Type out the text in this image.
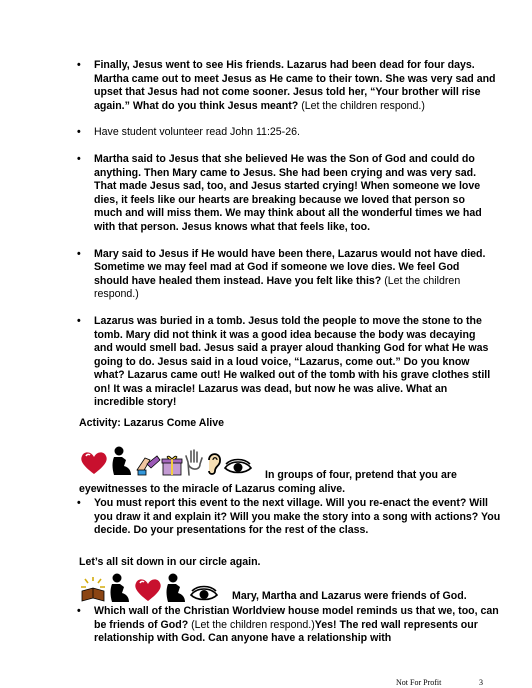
• Finally, Jesus went to see His friends. Lazarus had been dead for four days. Martha came out to meet Jesus as He came to their town. She was very sad and upset that Jesus had not come sooner. Jesus told her, “Your brother will rise again.” What do you think Jesus meant? (Let the children respond.)
• Have student volunteer read John 11:25-26.
• Martha said to Jesus that she believed He was the Son of God and could do anything. Then Mary came to Jesus. She had been crying and was very sad. That made Jesus sad, too, and Jesus started crying! When someone we love dies, it feels like our hearts are breaking because we loved that person so much and will miss them. We may think about all the wonderful times we had with that person. Jesus knows what that feels like, too.
• Mary said to Jesus if He would have been there, Lazarus would not have died. Sometime we may feel mad at God if someone we love dies. We feel God should have healed them instead. Have you felt like this? (Let the children respond.)
• Lazarus was buried in a tomb. Jesus told the people to move the stone to the tomb. Mary did not think it was a good idea because the body was decaying and would smell bad. Jesus said a prayer aloud thanking God for what He was going to do. Jesus said in a loud voice, “Lazarus, come out.” Do you know what? Lazarus came out! He walked out of the tomb with his grave clothes still on! It was a miracle! Lazarus was dead, but now he was alive. What an incredible story!
Activity: Lazarus Come Alive
In groups of four, pretend that you are eyewitnesses to the miracle of Lazarus coming alive.
• You must report this event to the next village. Will you re-enact the event? Will you draw it and explain it? Will you make the story into a song with actions? You decide. Do your presentations for the rest of the class.
Let’s all sit down in our circle again.
Mary, Martha and Lazarus were friends of God.
• Which wall of the Christian Worldview house model reminds us that we, too, can be friends of God? (Let the children respond.)Yes! The red wall represents our relationship with God. Can anyone have a relationship with
Not For Profit	3
